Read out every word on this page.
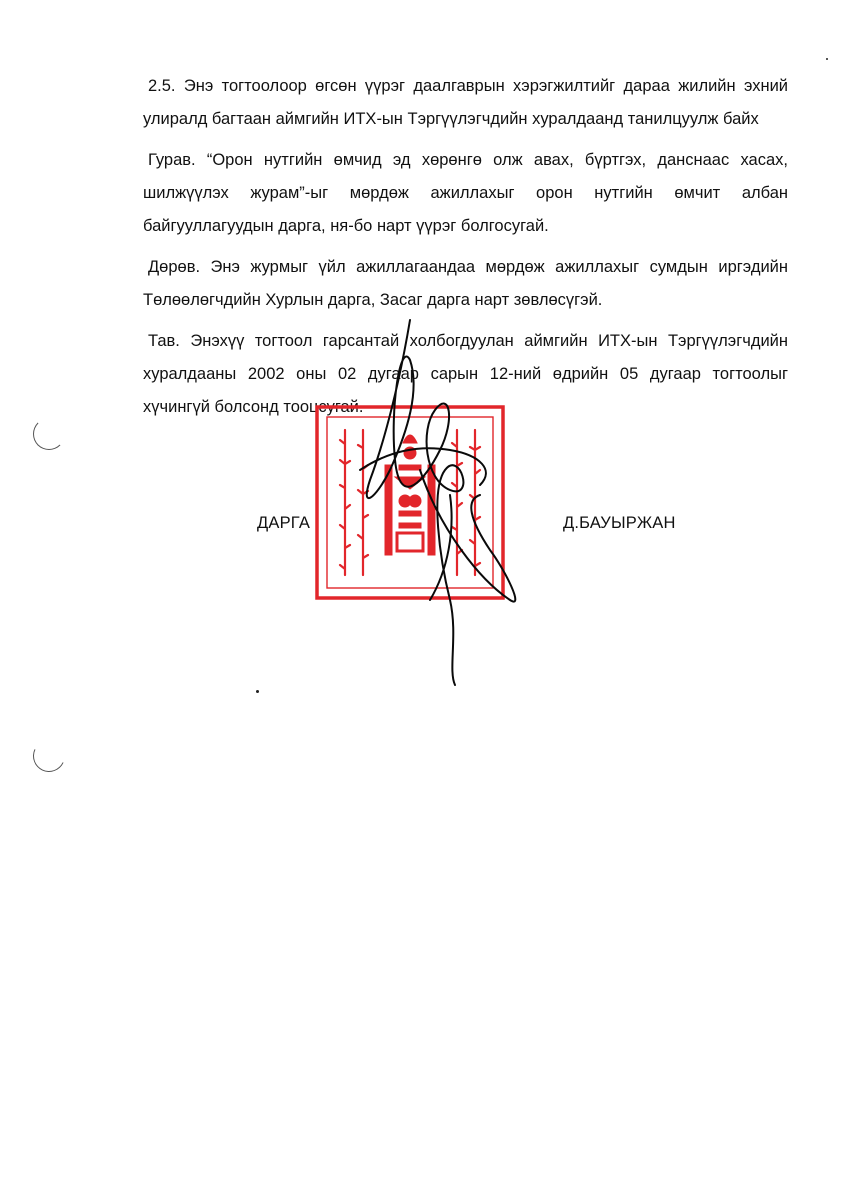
2.5. Энэ тогтоолоор өгсөн үүрэг даалгаврын хэрэгжилтийг дараа жилийн эхний улиралд багтаан аймгийн ИТХ-ын Тэргүүлэгчдийн хуралдаанд танилцуулж байх

Гурав. “Орон нутгийн өмчид эд хөрөнгө олж авах, бүртгэх, данснаас хасах, шилжүүлэх журам”-ыг мөрдөж ажиллахыг орон нутгийн өмчит албан байгууллагуудын дарга, ня-бо нарт үүрэг болгосугай.

Дөрөв. Энэ журмыг үйл ажиллагаандаа мөрдөж ажиллахыг сумдын иргэдийн Төлөөлөгчдийн Хурлын дарга, Засаг дарга нарт зөвлөсүгэй.

Тав. Энэхүү тогтоол гарсантай холбогдуулан аймгийн ИТХ-ын Тэргүүлэгчдийн хуралдааны 2002 оны 02 дугаар сарын 12-ний өдрийн 05 дугаар тогтоолыг хүчингүй болсонд тооцсугай.

ДАРГА	Д.БАУЫРЖАН
